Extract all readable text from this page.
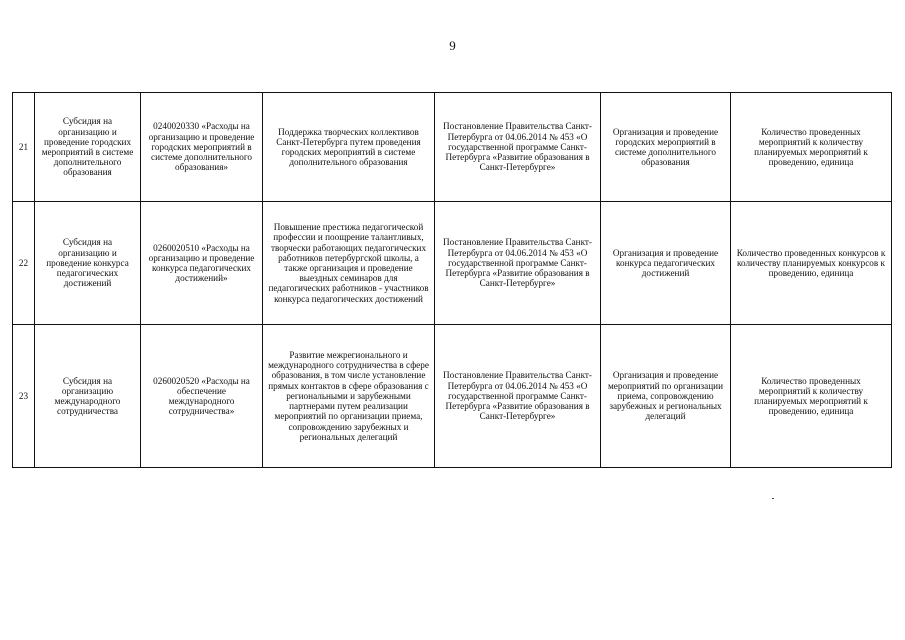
9
21	Субсидия на организацию и проведение городских мероприятий в системе дополнительного образования	0240020330 «Расходы на организацию и проведение городских мероприятий в системе дополнительного образования»	Поддержка творческих коллективов Санкт-Петербурга путем проведения городских мероприятий в системе дополнительного образования	Постановление Правительства Санкт-Петербурга от 04.06.2014 № 453 «О государственной программе Санкт-Петербурга «Развитие образования в Санкт-Петербурге»	Организация и проведение городских мероприятий в системе дополнительного образования	Количество проведенных мероприятий к количеству планируемых мероприятий к проведению, единица
22	Субсидия на организацию и проведение конкурса педагогических достижений	0260020510 «Расходы на организацию и проведение конкурса педагогических достижений»	Повышение престижа педагогической профессии и поощрение талантливых, творчески работающих педагогических работников петербургской школы, а также организация и проведение выездных семинаров для педагогических работников - участников конкурса педагогических достижений	Постановление Правительства Санкт-Петербурга от 04.06.2014 № 453 «О государственной программе Санкт-Петербурга «Развитие образования в Санкт-Петербурге»	Организация и проведение конкурса педагогических достижений	Количество проведенных конкурсов к количеству планируемых конкурсов к проведению, единица
23	Субсидия на организацию международного сотрудничества	0260020520 «Расходы на обеспечение международного сотрудничества»	Развитие межрегионального и международного сотрудничества в сфере образования, в том числе установление прямых контактов в сфере образования с региональными и зарубежными партнерами путем реализации мероприятий по организации приема, сопровождению зарубежных и региональных делегаций	Постановление Правительства Санкт-Петербурга от 04.06.2014 № 453 «О государственной программе Санкт-Петербурга «Развитие образования в Санкт-Петербурге»	Организация и проведение мероприятий по организации приема, сопровождению зарубежных и региональных делегаций	Количество проведенных мероприятий к количеству планируемых мероприятий к проведению, единица
